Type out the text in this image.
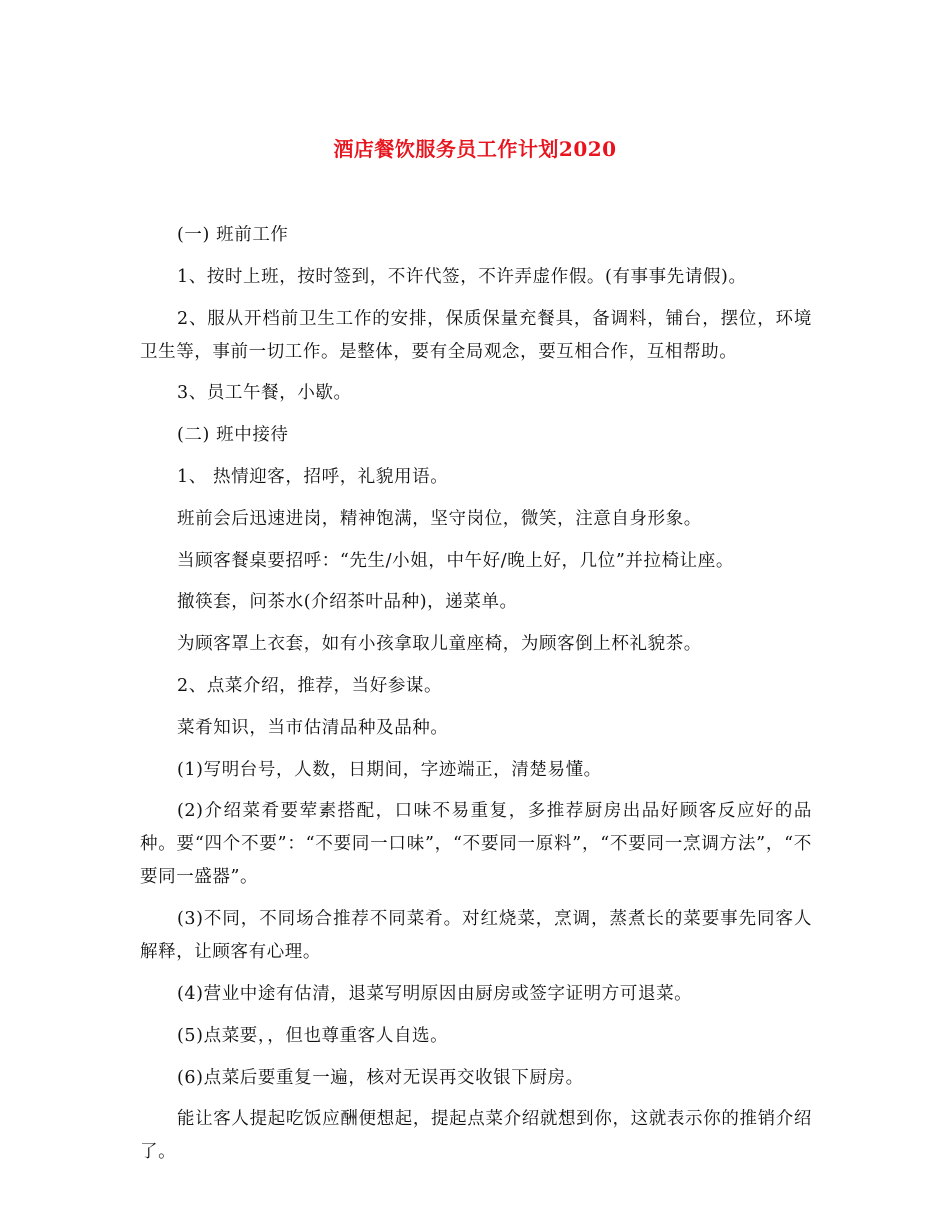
酒店餐饮服务员工作计划2020

(一) 班前工作

1、按时上班，按时签到，不许代签，不许弄虚作假。(有事事先请假)。

2、服从开档前卫生工作的安排，保质保量充餐具，备调料，铺台，摆位，环境卫生等，事前一切工作。是整体，要有全局观念，要互相合作，互相帮助。

3、员工午餐，小歇。

(二) 班中接待

1、 热情迎客，招呼，礼貌用语。

班前会后迅速进岗，精神饱满，坚守岗位，微笑，注意自身形象。

当顾客餐桌要招呼：“先生/小姐，中午好/晚上好，几位”并拉椅让座。

撤筷套，问茶水(介绍茶叶品种)，递菜单。

为顾客罩上衣套，如有小孩拿取儿童座椅，为顾客倒上杯礼貌茶。

2、点菜介绍，推荐，当好参谋。

菜肴知识，当市估清品种及品种。

(1)写明台号，人数，日期间，字迹端正，清楚易懂。

(2)介绍菜肴要荤素搭配，口味不易重复，多推荐厨房出品好顾客反应好的品种。要“四个不要”：“不要同一口味”，“不要同一原料”，“不要同一烹调方法”，“不要同一盛器”。

(3)不同，不同场合推荐不同菜肴。对红烧菜，烹调，蒸煮长的菜要事先同客人解释，让顾客有心理。

(4)营业中途有估清，退菜写明原因由厨房或签字证明方可退菜。

(5)点菜要，，但也尊重客人自选。

(6)点菜后要重复一遍，核对无误再交收银下厨房。

能让客人提起吃饭应酬便想起，提起点菜介绍就想到你，这就表示你的推销介绍了。
